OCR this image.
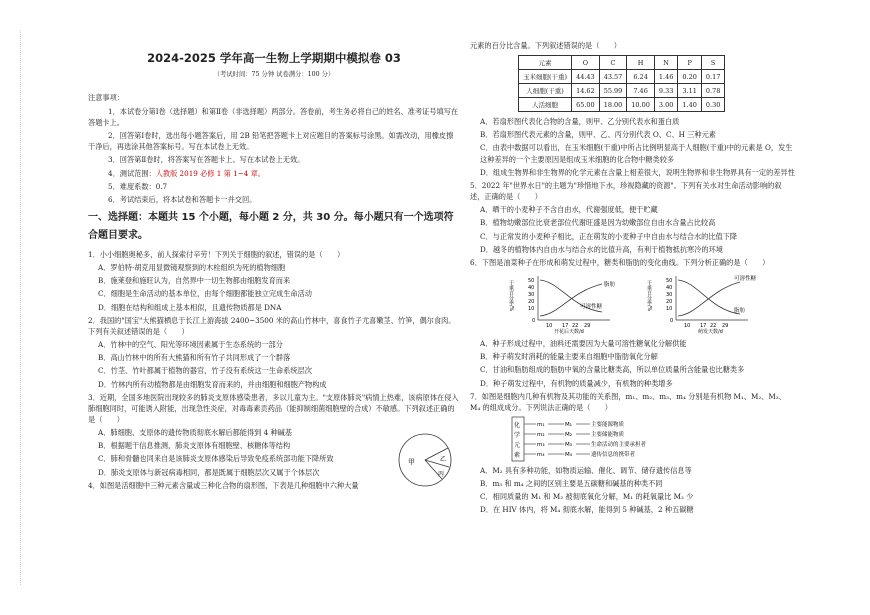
2024-2025 学年高一生物上学期期中模拟卷 03
（考试时间：75 分钟 试卷满分：100 分）
注意事项：

1．本试卷分第Ⅰ卷（选择题）和第Ⅱ卷（非选择题）两部分。答卷前，考生务必将自己的姓名、准考证号填写在答题卡上。

2．回答第Ⅰ卷时，选出每小题答案后，用 2B 铅笔把答题卡上对应题目的答案标号涂黑。如需改动，用橡皮擦干净后，再选涂其他答案标号。写在本试卷上无效。

3．回答第Ⅱ卷时，将答案写在答题卡上。写在本试卷上无效。

4．测试范围：人教版 2019 必修 1 第 1~4 章。

5．难度系数：0.7

6．考试结束后，将本试卷和答题卡一并交回。

一、选择题：本题共 15 个小题，每小题 2 分，共 30 分。每小题只有一个选项符合题目要求。

1．小小细胞奥秘多，前人探索付辛劳！下列关于细胞的叙述，错误的是（　　）

A．罗伯特·胡克用显微镜观察到的木栓组织为死的植物细胞

B．施莱登和施旺认为，自然界中一切生物都由细胞发育而来

C．细胞是生命活动的基本单位，由每个细胞都能独立完成生命活动

D．细胞在结构和组成上基本相似，且遗传物质都是 DNA

2．我国的"国宝"大熊猫栖息于长江上游海拔 2400~3500 米的高山竹林中，喜食竹子尤喜嫩茎、竹笋，偶尔食肉。下列有关叙述错误的是（　　）

A．竹林中的空气、阳光等环境因素属于生态系统的一部分

B．高山竹林中的所有大熊猫和所有竹子共同形成了一个群落

C．竹茎、竹叶都属于植物的器官，竹子没有系统这一生命系统层次

D．竹林内所有动植物都是由细胞发育而来的，并由细胞和细胞产物构成

3．近期，全国多地医院出现较多的肺炎支原体感染患者，多以儿童为主。"支原体肺炎"病情上热难，该病原体在侵入肺细胞同时，可能诱入附能，出现急性炎症，对毒毒素贡药品（能抑制细菌细胞壁的合成）不敏感。下列叙述正确的是（　　）

A．肺细胞、支原体的遗传物质彻底水解后都能得到 4 种碱基

B．根据题干信息推测，肺炎支原体有细胞壁、核糖体等结构

C．肺和骨髓也同来自是该肺炎支原体感染后导致免疫系统部功能下降所致

D．肺炎支原体与新冠病毒相同，都是既属于细胞层次又属于个体层次

甲	乙
丙

4．如图是活细胞中三种元素含量或三种化合物的扇形图，下表是几种细胞中六种大量

元素的百分比含量。下列叙述错误的是（　　）

元素	O	C	H	N	P	S
玉米细胞(干重)	44.43	43.57	6.24	1.46	0.20	0.17
人细胞(干重)	14.62	55.99	7.46	9.33	3.11	0.78
人活细胞	65.00	18.00	10.00	3.00	1.40	0.30

A．若扇形图代表化合物的含量，则甲、乙分别代表水和蛋白质

B．若扇形图代表元素的含量，则甲、乙、丙分别代表 O、C、H 三种元素

C．由表中数据可以看出，在玉米细胞(干重)中所占比例明显高于人细胞(干重)中的元素是 O，发生这种差异的一个主要原因是组成玉米细胞的化合物中糖类较多

D．组成生物界和非生物界的化学元素在含量上相差很大，说明生物界和非生物界具有一定的差异性

5．2022 年"世界水日"的主题为"珍惜地下水，珍视隐藏的资源"。下列有关水对生命活动影响的叙述，正确的是（　　）

A．晒干的小麦种子不含自由水，代谢强度低，便于贮藏

B．植物幼嫩部位比衰老部位代谢旺盛是因为幼嫩部位自由水含量占比较高

C．与正常发的小麦种子相比，正在萌发的小麦种子中自由水与结合水的比值下降

D．越冬的植物体内自由水与结合水的比值升高，有利于植物抵抗寒冷的环境

6．下图是油菜种子在形成和萌发过程中，糖类和脂肪的变化曲线。下列分析正确的是（　　）

干重百分率/%	50
40
30
20
10
0
10 17 22 29
开花后天数/d
脂肪
可溶性糖	干重百分率/%	50
40
30
20
10
0
10 17 22 29
萌发天数/d
可溶性糖
脂肪

A．种子形成过程中，油料还需要因为大量可溶性糖氧化分解供能

B．种子萌发时消耗的能量主要来自细胞中脂肪氧化分解

C．甘油和脂肪组成的脂肪中氧的含量比糖类高，所以单位质量所含能量也比糖类多

D．种子萌发过程中，有机物的质量减少，有机物的种类增多

7．如图是细胞内几种有机物及其功能的关系图，m₁、m₂、m₃、m₄ 分别是有机物 M₁、M₂、M₃、M₄ 的组成成分。下列说法正确的是（　　）

化
学
元
素
m₁	M₁	主要能源物质
m₂	M₂	主要储能物质
m₃	M₃	生命活动的主要承担者
m₄	M₄	遗传信息的携带者

A．M₂ 具有多种功能，如物质运输、催化、调节、储存遗传信息等

B．m₃ 和 m₄ 之间的区别主要是五碳糖和碱基的种类不同

C．相同质量的 M₁ 和 M₂ 被彻底氧化分解，M₁ 的耗氧量比 M₂ 少

D．在 HIV 体内，将 M₄ 彻底水解，能得到 5 种碱基，2 种五碳糖
